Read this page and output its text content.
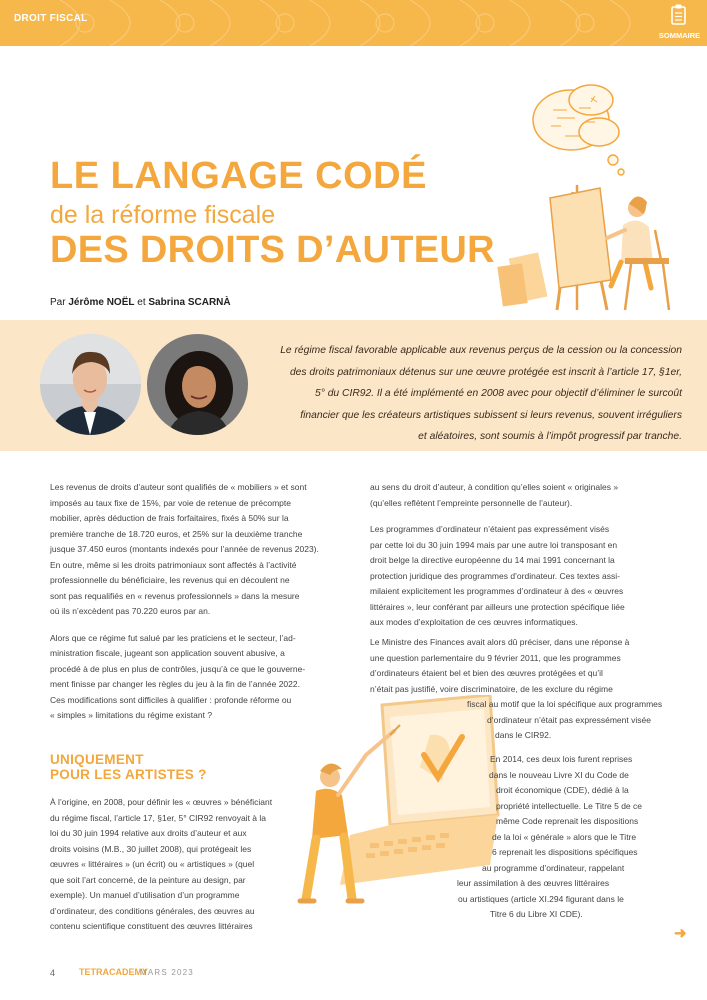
DROIT FISCAL
SOMMAIRE
LE LANGAGE CODÉ
de la réforme fiscale
DES DROITS D’AUTEUR
Par Jérôme NOËL et Sabrina SCARNÀ
Le régime fiscal favorable applicable aux revenus perçus de la cession ou la concession
des droits patrimoniaux détenus sur une œuvre protégée est inscrit à l’article 17, §1er,
5° du CIR92. Il a été implémenté en 2008 avec pour objectif d’éliminer le surcoût
financier que les créateurs artistiques subissent si leurs revenus, souvent irréguliers
et aléatoires, sont soumis à l’impôt progressif par tranche.

Les revenus de droits d’auteur sont qualifiés de « mobiliers » et sont
imposés au taux fixe de 15%, par voie de retenue de précompte
mobilier, après déduction de frais forfaitaires, fixés à 50% sur la
première tranche de 18.720 euros, et 25% sur la deuxième tranche
jusque 37.450 euros (montants indexés pour l’année de revenus 2023).
En outre, même si les droits patrimoniaux sont affectés à l’activité
professionnelle du bénéficiaire, les revenus qui en découlent ne
sont pas requalifiés en « revenus professionnels » dans la mesure
où ils n’excèdent pas 70.220 euros par an.

Alors que ce régime fut salué par les praticiens et le secteur, l’ad-
ministration fiscale, jugeant son application souvent abusive, a
procédé à de plus en plus de contrôles, jusqu’à ce que le gouverne-
ment finisse par changer les règles du jeu à la fin de l’année 2022.
Ces modifications sont difficiles à qualifier : profonde réforme ou
« simples » limitations du régime existant ?

UNIQUEMENT
POUR LES ARTISTES ?

À l’origine, en 2008, pour définir les « œuvres » bénéficiant
du régime fiscal, l’article 17, §1er, 5° CIR92 renvoyait à la
loi du 30 juin 1994 relative aux droits d’auteur et aux
droits voisins (M.B., 30 juillet 2008), qui protégeait les
œuvres « littéraires » (un écrit) ou « artistiques » (quel
que soit l’art concerné, de la peinture au design, par
exemple). Un manuel d’utilisation d’un programme
d’ordinateur, des conditions générales, des œuvres au
contenu scientifique constituent des œuvres littéraires

au sens du droit d’auteur, à condition qu’elles soient « originales »
(qu’elles reflètent l’empreinte personnelle de l’auteur).

Les programmes d’ordinateur n’étaient pas expressément visés
par cette loi du 30 juin 1994 mais par une autre loi transposant en
droit belge la directive européenne du 14 mai 1991 concernant la
protection juridique des programmes d’ordinateur. Ces textes assi-
milaient explicitement les programmes d’ordinateur à des « œuvres
littéraires », leur conférant par ailleurs une protection spécifique liée
aux modes d’exploitation de ces œuvres informatiques.

Le Ministre des Finances avait alors dû préciser, dans une réponse à
une question parlementaire du 9 février 2011, que les programmes
d’ordinateurs étaient bel et bien des œuvres protégées et qu’il
n’était pas justifié, voire discriminatoire, de les exclure du régime
fiscal au motif que la loi spécifique aux programmes
d’ordinateur n’était pas expressément visée
dans le CIR92.
En 2014, ces deux lois furent reprises
dans le nouveau Livre XI du Code de
droit économique (CDE), dédié à la
propriété intellectuelle. Le Titre 5 de ce
même Code reprenait les dispositions
de la loi « générale » alors que le Titre
6 reprenait les dispositions spécifiques
au programme d’ordinateur, rappelant
leur assimilation à des œuvres littéraires
ou artistiques (article XI.294 figurant dans le
Titre 6 du Libre XI CDE).
➜
4	TETRACADEMY
MARS 2023
